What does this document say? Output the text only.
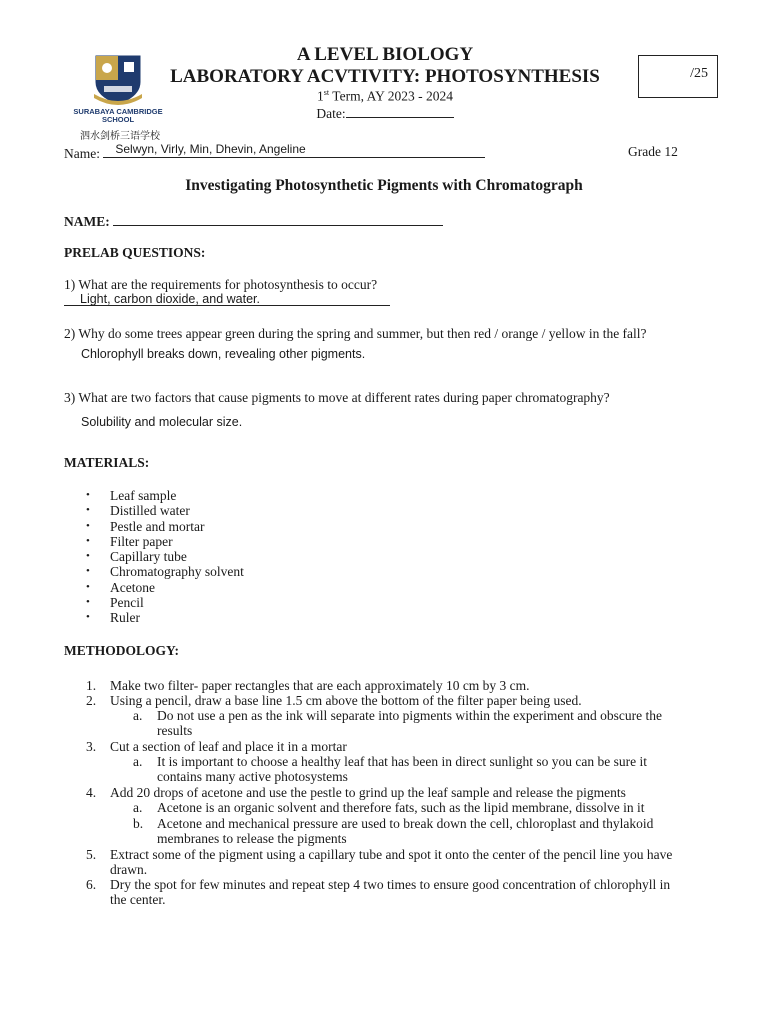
SURABAYA CAMBRIDGE
SCHOOL
泗水剑桥三语学校
A LEVEL BIOLOGY
LABORATORY ACVTIVITY: PHOTOSYNTHESIS
1st Term, AY 2023 - 2024
Date:
/25
Name: Selwyn, Virly, Min, Dhevin, Angeline	Grade 12
Investigating Photosynthetic Pigments with Chromatograph
NAME:
PRELAB QUESTIONS:
1) What are the requirements for photosynthesis to occur?
Light, carbon dioxide, and water.
2) Why do some trees appear green during the spring and summer, but then red / orange / yellow in the fall?
Chlorophyll breaks down, revealing other pigments.
3) What are two factors that cause pigments to move at different rates during paper chromatography?
Solubility and molecular size.
MATERIALS:
• Leaf sample
• Distilled water
• Pestle and mortar
• Filter paper
• Capillary tube
• Chromatography solvent
• Acetone
• Pencil
• Ruler
METHODOLOGY:
1. Make two filter- paper rectangles that are each approximately 10 cm by 3 cm.
2. Using a pencil, draw a base line 1.5 cm above the bottom of the filter paper being used.
a. Do not use a pen as the ink will separate into pigments within the experiment and obscure the
results
3. Cut a section of leaf and place it in a mortar
a. It is important to choose a healthy leaf that has been in direct sunlight so you can be sure it
contains many active photosystems
4. Add 20 drops of acetone and use the pestle to grind up the leaf sample and release the pigments
a. Acetone is an organic solvent and therefore fats, such as the lipid membrane, dissolve in it
b. Acetone and mechanical pressure are used to break down the cell, chloroplast and thylakoid
membranes to release the pigments
5. Extract some of the pigment using a capillary tube and spot it onto the center of the pencil line you have
drawn.
6. Dry the spot for few minutes and repeat step 4 two times to ensure good concentration of chlorophyll in
the center.
